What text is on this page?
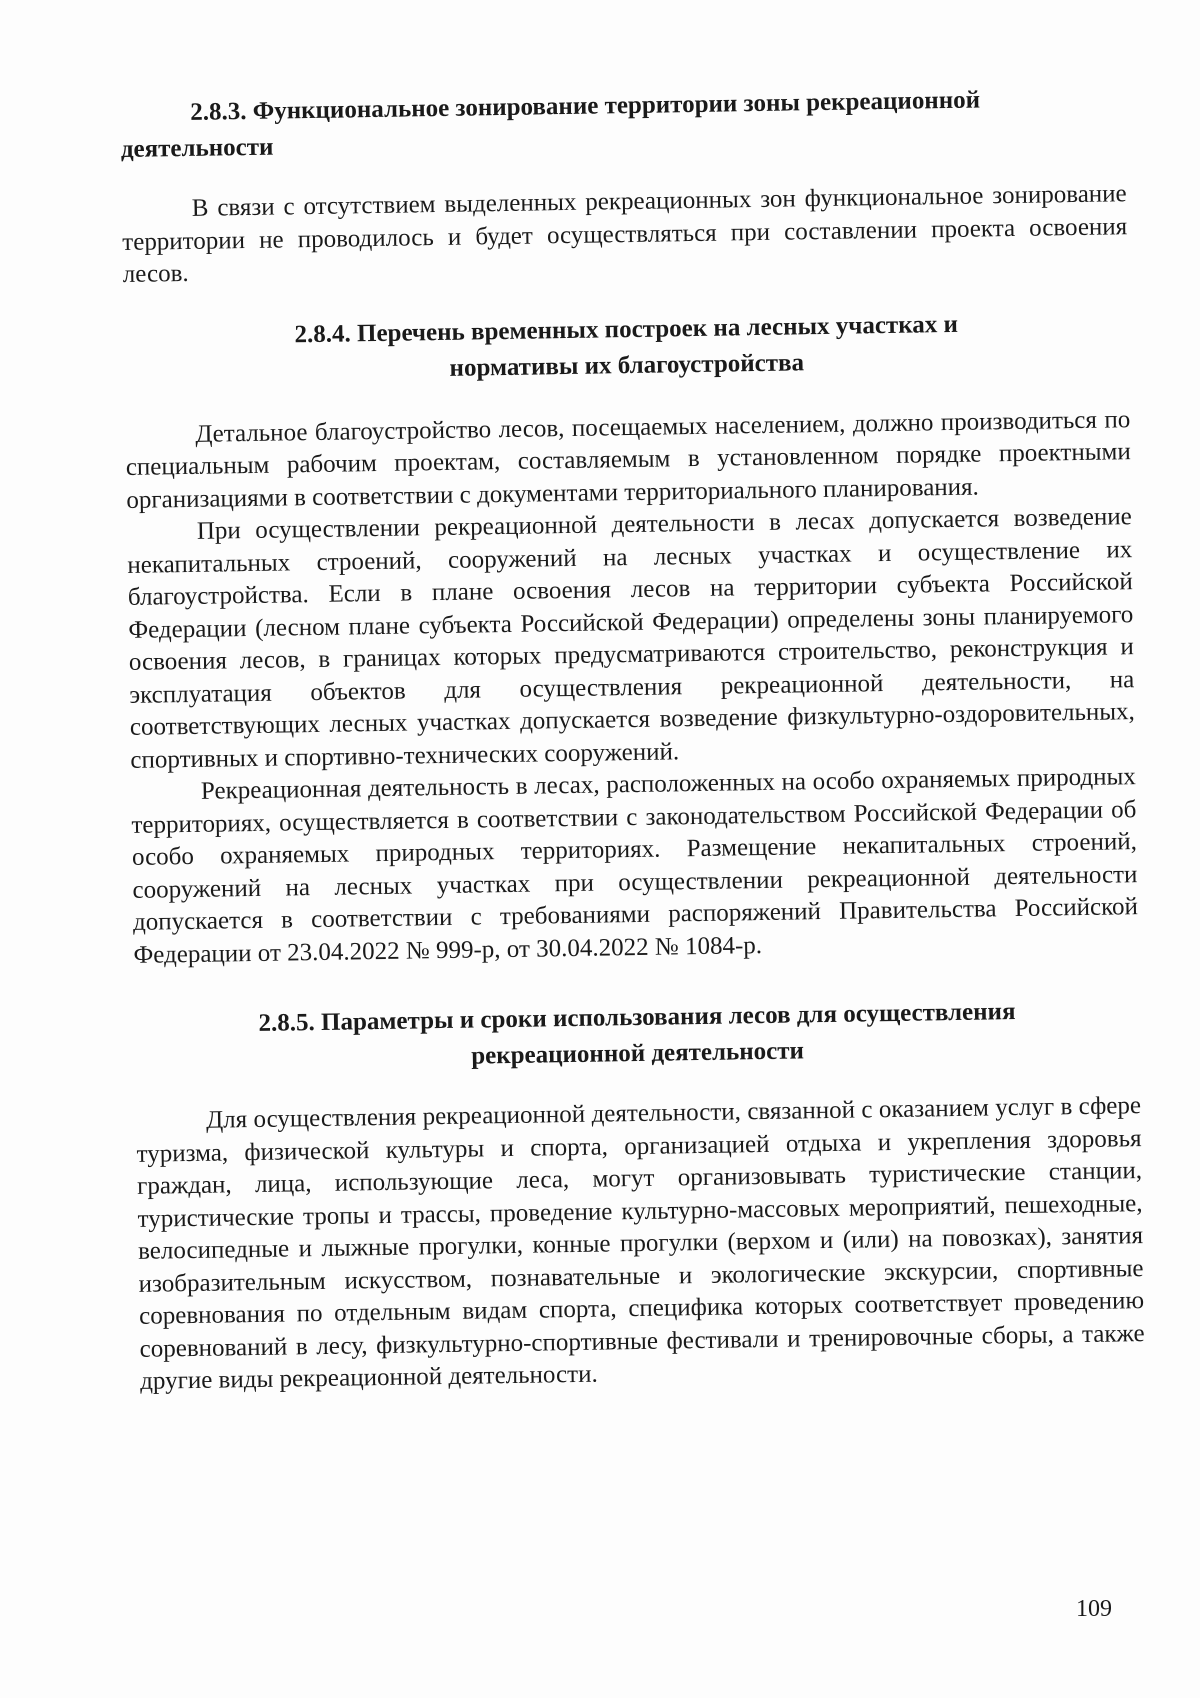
2.8.3. Функциональное зонирование территории зоны рекреационной деятельности

В связи с отсутствием выделенных рекреационных зон функциональное зонирование территории не проводилось и будет осуществляться при составлении проекта освоения лесов.

2.8.4. Перечень временных построек на лесных участках и

нормативы их благоустройства

Детальное благоустройство лесов, посещаемых населением, должно производиться по специальным рабочим проектам, составляемым в установленном порядке проектными организациями в соответствии с документами территориального планирования.

При осуществлении рекреационной деятельности в лесах допускается возведение некапитальных строений, сооружений на лесных участках и осуществление их благоустройства. Если в плане освоения лесов на территории субъекта Российской Федерации (лесном плане субъекта Российской Федерации) определены зоны планируемого освоения лесов, в границах которых предусматриваются строительство, реконструкция и эксплуатация объектов для осуществления рекреационной деятельности, на соответствующих лесных участках допускается возведение физкультурно-оздоровительных, спортивных и спортивно-технических сооружений.

Рекреационная деятельность в лесах, расположенных на особо охраняемых природных территориях, осуществляется в соответствии с законодательством Российской Федерации об особо охраняемых природных территориях. Размещение некапитальных строений, сооружений на лесных участках при осуществлении рекреационной деятельности допускается в соответствии с требованиями распоряжений Правительства Российской Федерации от 23.04.2022 № 999-р, от 30.04.2022 № 1084-р.

2.8.5. Параметры и сроки использования лесов для осуществления

рекреационной деятельности

Для осуществления рекреационной деятельности, связанной с оказанием услуг в сфере туризма, физической культуры и спорта, организацией отдыха и укрепления здоровья граждан, лица, использующие леса, могут организовывать туристические станции, туристические тропы и трассы, проведение культурно-массовых мероприятий, пешеходные, велосипедные и лыжные прогулки, конные прогулки (верхом и (или) на повозках), занятия изобразительным искусством, познавательные и экологические экскурсии, спортивные соревнования по отдельным видам спорта, специфика которых соответствует проведению соревнований в лесу, физкультурно-спортивные фестивали и тренировочные сборы, а также другие виды рекреационной деятельности.

109
